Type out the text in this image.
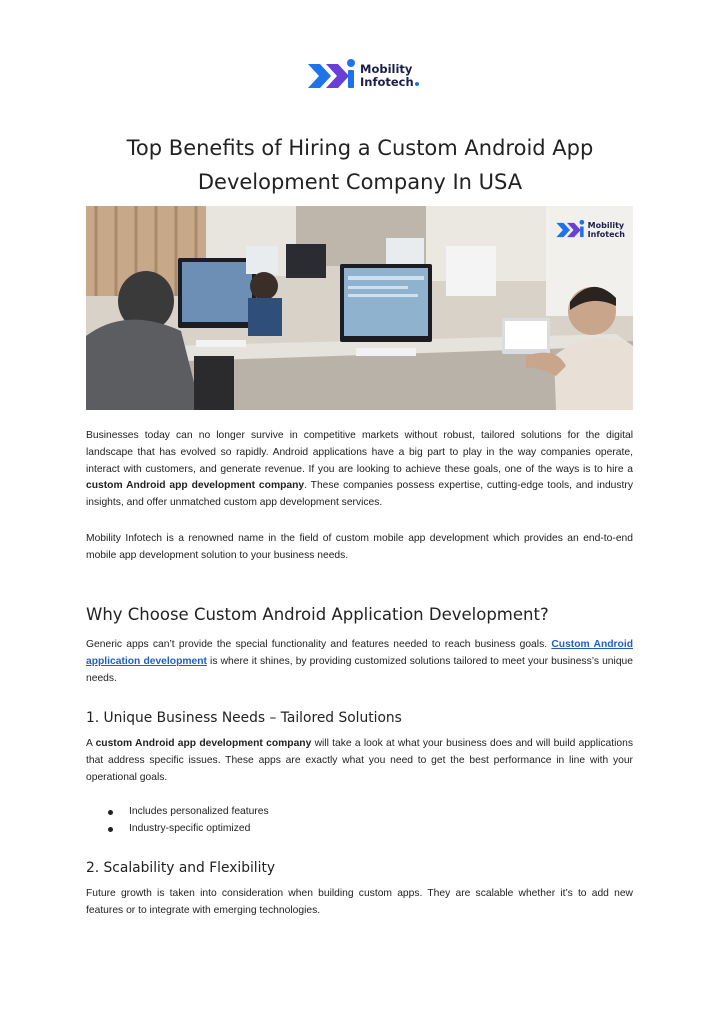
Mobility
Infotech
Top Benefits of Hiring a Custom Android App
Development Company In USA
Mobility
Infotech

Businesses today can no longer survive in competitive markets without robust, tailored solutions for the digital landscape that has evolved so rapidly. Android applications have a big part to play in the way companies operate, interact with customers, and generate revenue. If you are looking to achieve these goals, one of the ways is to hire a custom Android app development company. These companies possess expertise, cutting-edge tools, and industry insights, and offer unmatched custom app development services.

Mobility Infotech is a renowned name in the field of custom mobile app development which provides an end-to-end mobile app development solution to your business needs.

Why Choose Custom Android Application Development?

Generic apps can’t provide the special functionality and features needed to reach business goals. Custom Android application development is where it shines, by providing customized solutions tailored to meet your business’s unique needs.

1. Unique Business Needs – Tailored Solutions

A custom Android app development company will take a look at what your business does and will build applications that address specific issues. These apps are exactly what you need to get the best performance in line with your operational goals.

Includes personalized features
Industry-specific optimized
2. Scalability and Flexibility

Future growth is taken into consideration when building custom apps. They are scalable whether it’s to add new features or to integrate with emerging technologies.
